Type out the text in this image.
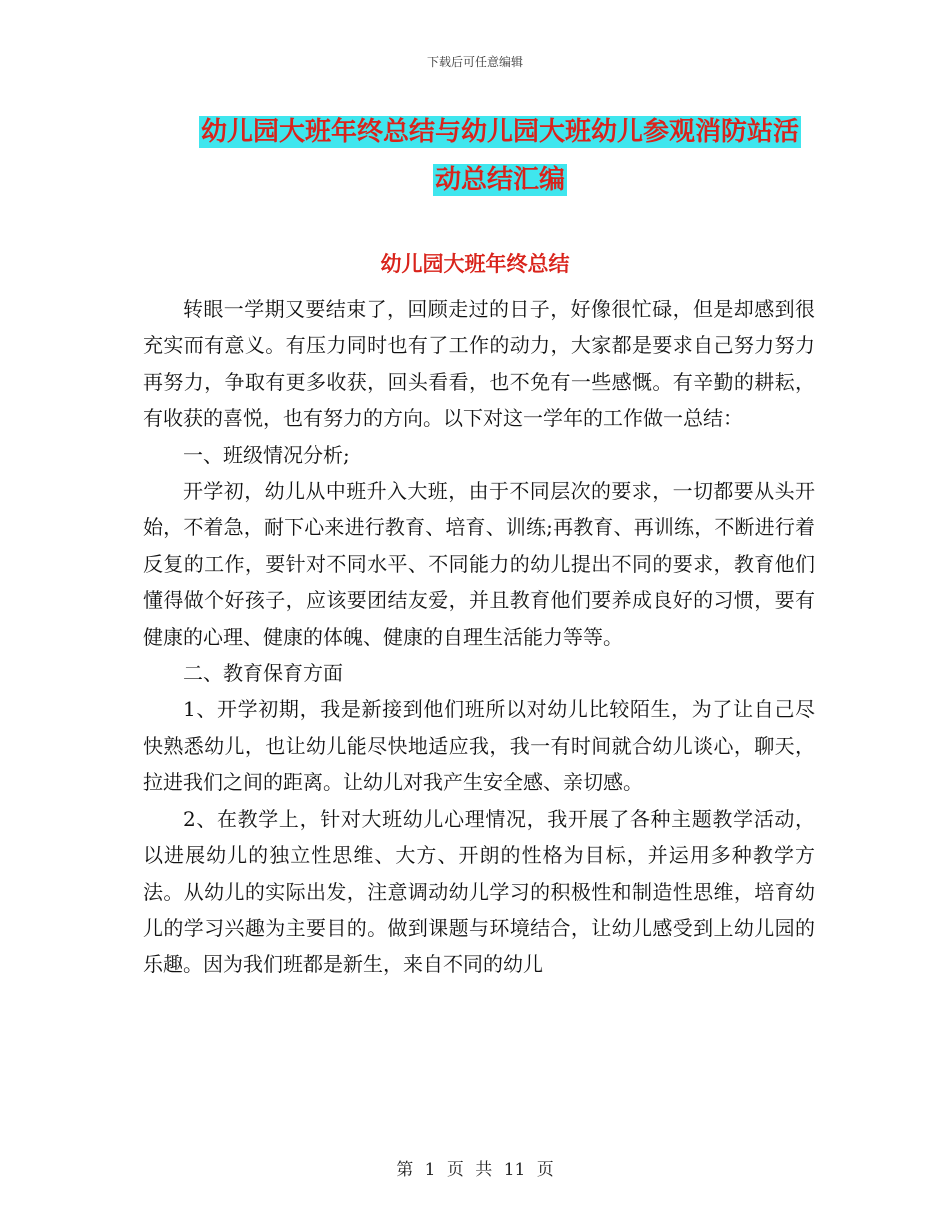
下载后可任意编辑
幼儿园大班年终总结与幼儿园大班幼儿参观消防站活
动总结汇编
幼儿园大班年终总结

转眼一学期又要结束了，回顾走过的日子，好像很忙碌，但是却感到很充实而有意义。有压力同时也有了工作的动力，大家都是要求自己努力努力再努力，争取有更多收获，回头看看，也不免有一些感慨。有辛勤的耕耘，有收获的喜悦，也有努力的方向。以下对这一学年的工作做一总结：

一、班级情况分析;

开学初，幼儿从中班升入大班，由于不同层次的要求，一切都要从头开始，不着急，耐下心来进行教育、培育、训练;再教育、再训练，不断进行着反复的工作，要针对不同水平、不同能力的幼儿提出不同的要求，教育他们懂得做个好孩子，应该要团结友爱，并且教育他们要养成良好的习惯，要有健康的心理、健康的体魄、健康的自理生活能力等等。

二、教育保育方面

1、开学初期，我是新接到他们班所以对幼儿比较陌生，为了让自己尽快熟悉幼儿，也让幼儿能尽快地适应我，我一有时间就合幼儿谈心，聊天，拉进我们之间的距离。让幼儿对我产生安全感、亲切感。

2、在教学上，针对大班幼儿心理情况，我开展了各种主题教学活动，以进展幼儿的独立性思维、大方、开朗的性格为目标，并运用多种教学方法。从幼儿的实际出发，注意调动幼儿学习的积极性和制造性思维，培育幼儿的学习兴趣为主要目的。做到课题与环境结合，让幼儿感受到上幼儿园的乐趣。因为我们班都是新生，来自不同的幼儿

第 1 页 共 11 页
